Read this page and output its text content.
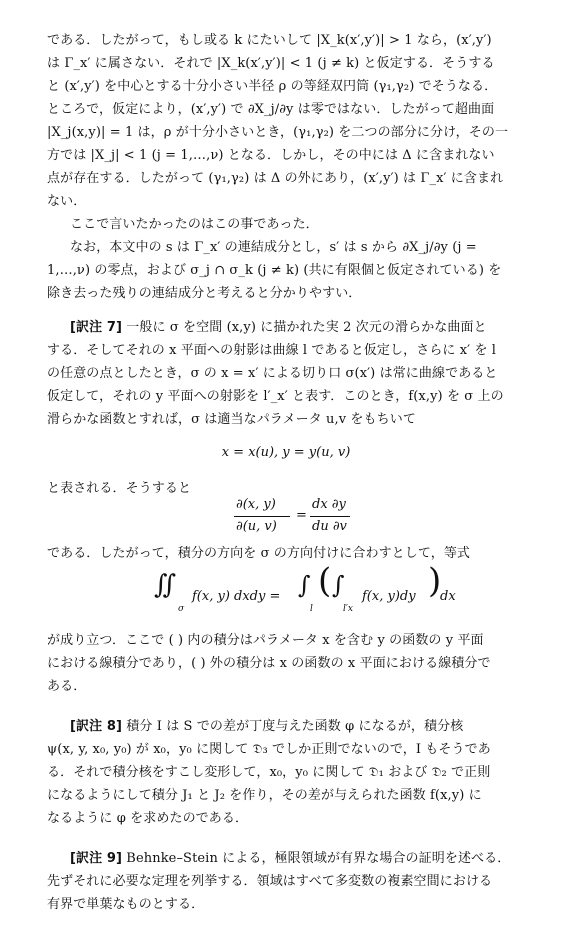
である．したがって，もし或る k にたいして |X_k(x′,y′)| > 1 なら，(x′,y′)
は Γ_x′ に属さない．それで |X_k(x′,y′)| < 1 (j ≠ k) と仮定する．そうする
と (x′,y′) を中心とする十分小さい半径 ρ の等経双円筒 (γ₁,γ₂) でそうなる．
ところで，仮定により，(x′,y′) で ∂X_j/∂y は零ではない．したがって超曲面
|X_j(x,y)| = 1 は，ρ が十分小さいとき，(γ₁,γ₂) を二つの部分に分け，その一
方では |X_j| < 1 (j = 1,…,ν) となる．しかし，その中には Δ に含まれない
点が存在する．したがって (γ₁,γ₂) は Δ の外にあり，(x′,y′) は Γ_x′ に含まれ
ない．
ここで言いたかったのはこの事であった．
なお，本文中の s は Γ_x′ の連結成分とし，s′ は s から ∂X_j/∂y (j =
1,…,ν) の零点，および σ_j ∩ σ_k (j ≠ k) (共に有限個と仮定されている) を
除き去った残りの連結成分と考えると分かりやすい．
[訳注 7] 一般に σ を空間 (x,y) に描かれた実 2 次元の滑らかな曲面と
する．そしてそれの x 平面への射影は曲線 l であると仮定し，さらに x′ を l
の任意の点としたとき，σ の x = x′ による切り口 σ(x′) は常に曲線であると
仮定して，それの y 平面への射影を l′_x′ と表す．このとき，f(x,y) を σ 上の
滑らかな函数とすれば，σ は適当なパラメータ u,v をもちいて
x = x(u), y = y(u, v)
と表される．そうすると
∂(x, y)
∂(u, v)
=
dx ∂y
du ∂v
である．したがって，積分の方向を σ の方向付けに合わすとして，等式
∬
σ
f(x, y) dxdy = ∫
l
( ∫
l′x
f(x, y)dy )
dx
が成り立つ．ここで ( ) 内の積分はパラメータ x を含む y の函数の y 平面
における線積分であり，( ) 外の積分は x の函数の x 平面における線積分で
ある．
[訳注 8] 積分 I は S での差が丁度与えた函数 φ になるが，積分核
ψ(x, y, x₀, y₀) が x₀，y₀ に関して 𝔇₃ でしか正則でないので，I もそうであ
る．それで積分核をすこし変形して，x₀，y₀ に関して 𝔇₁ および 𝔇₂ で正則
になるようにして積分 J₁ と J₂ を作り，その差が与えられた函数 f(x,y) に
なるように φ を求めたのである．
[訳注 9] Behnke–Stein による，極限領域が有界な場合の証明を述べる．
先ずそれに必要な定理を列挙する．領域はすべて多変数の複素空間における
有界で単葉なものとする．
